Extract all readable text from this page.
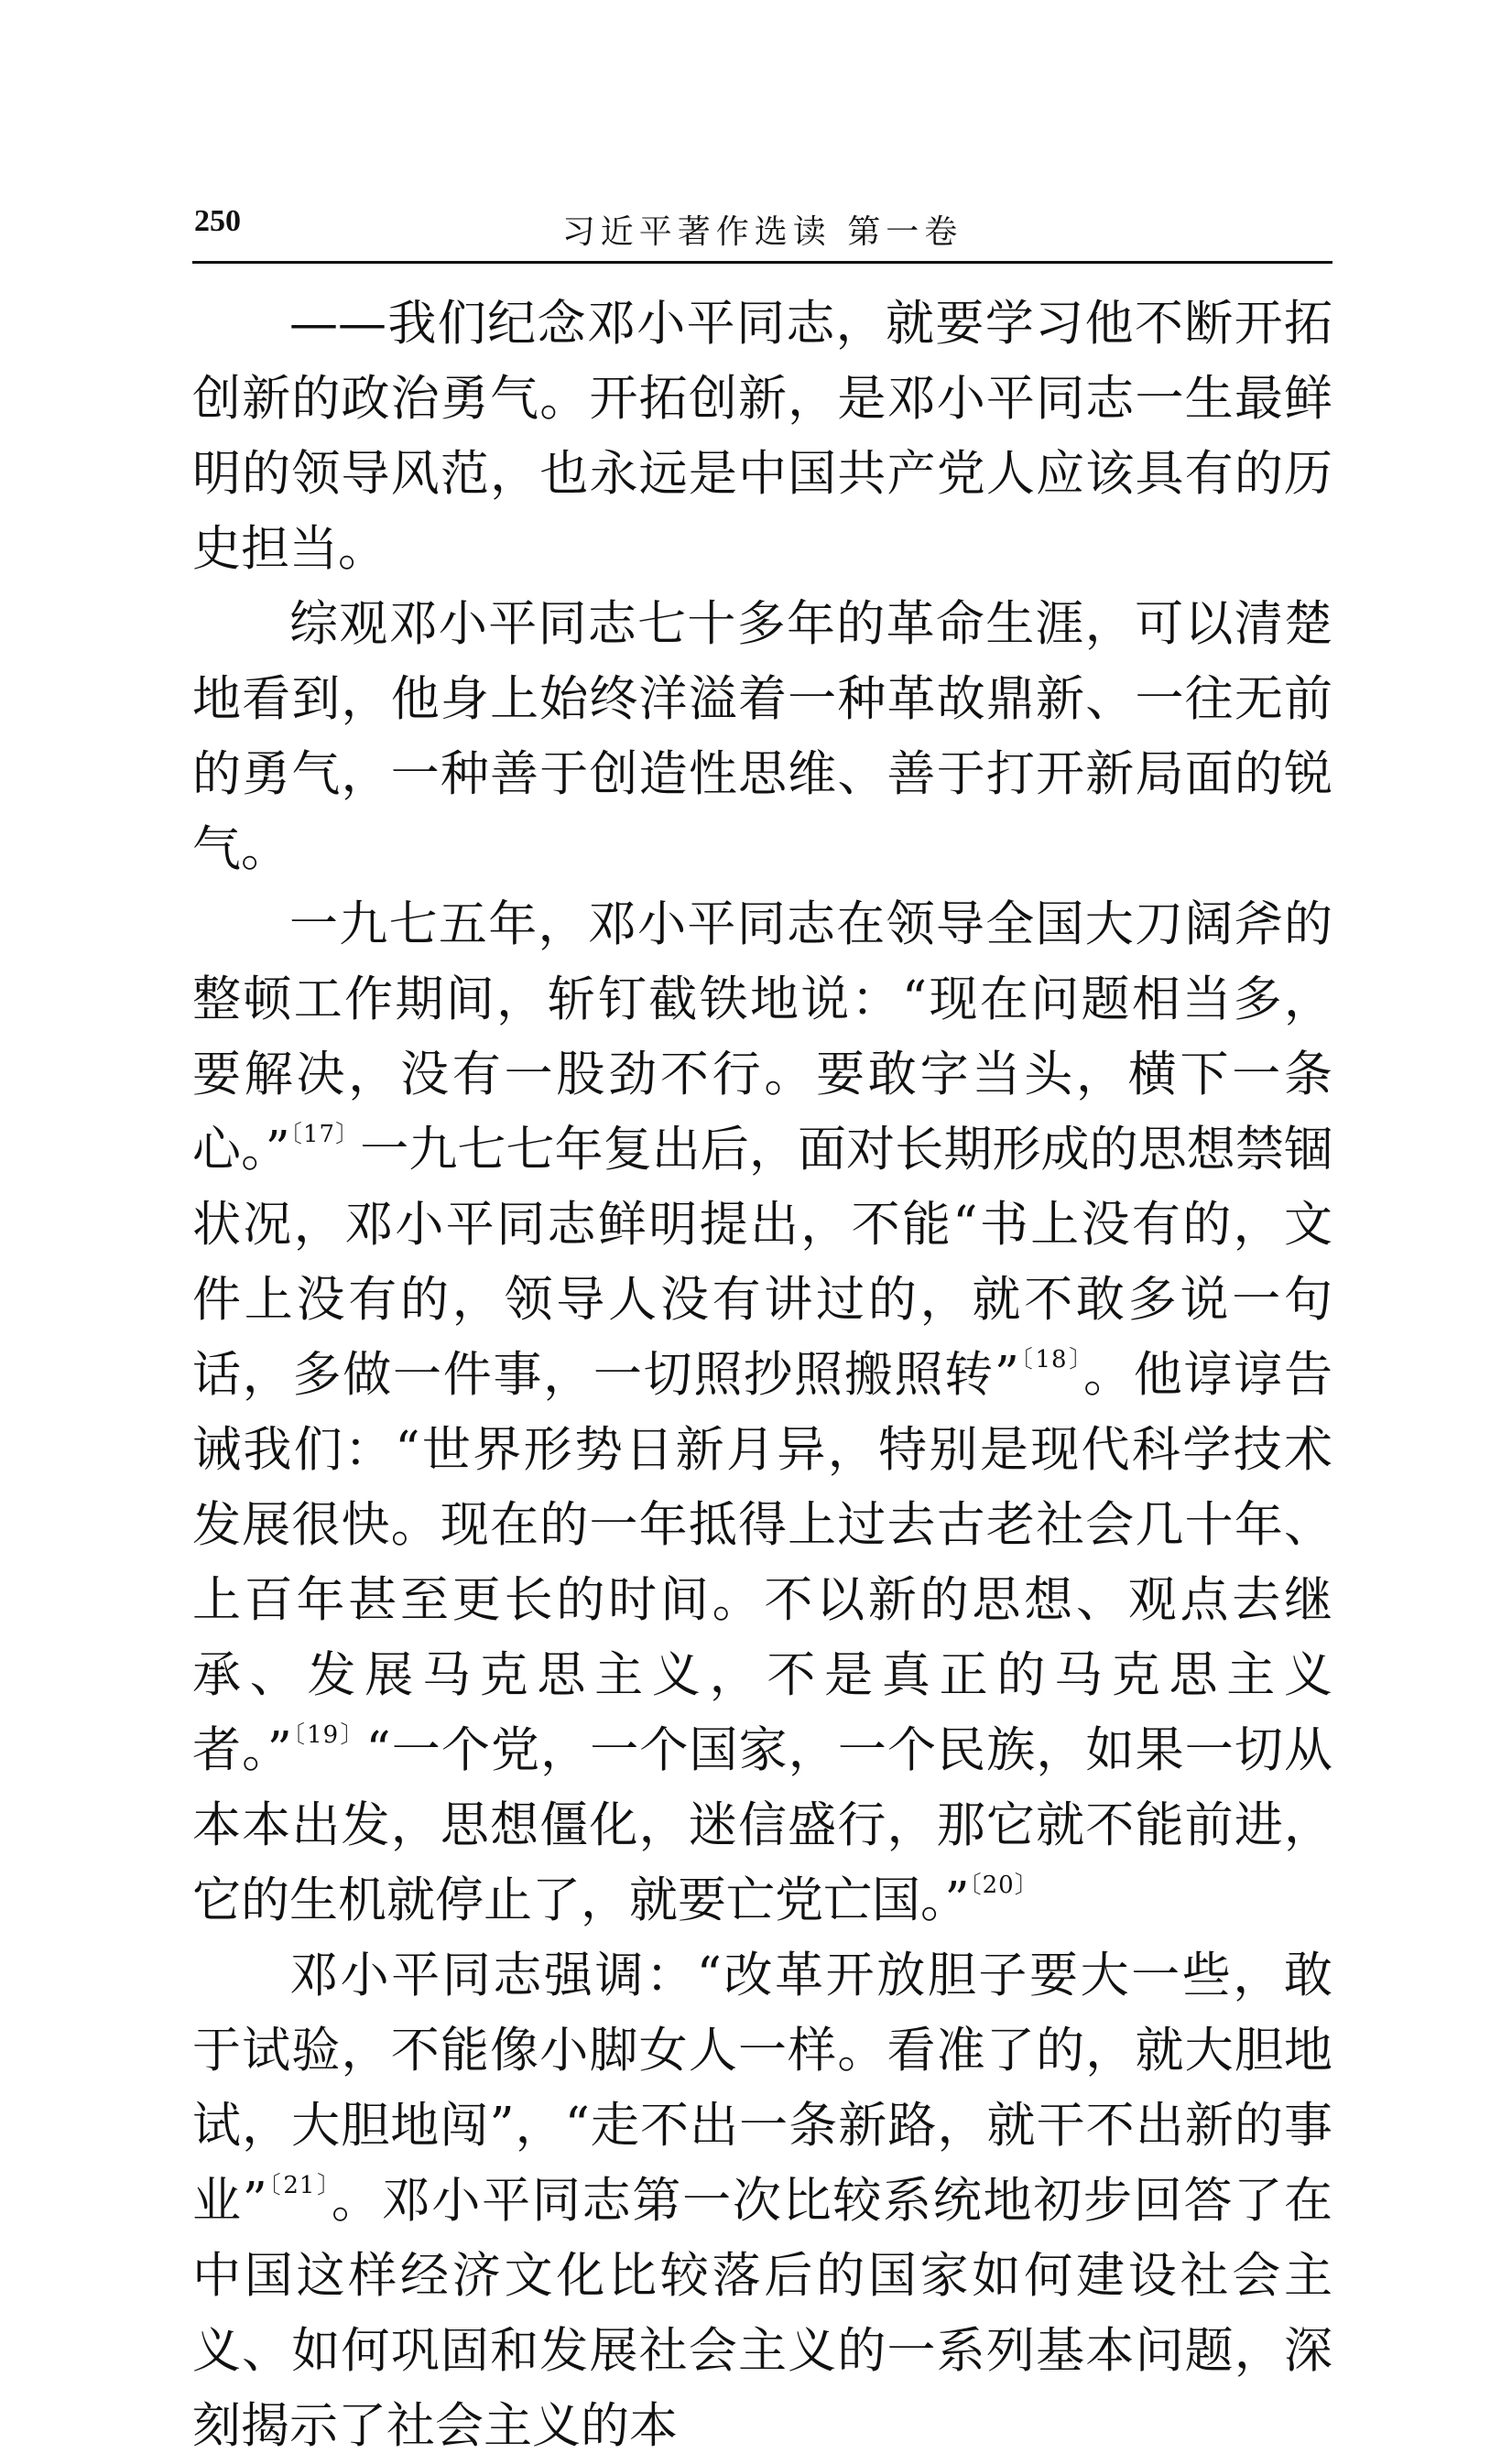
250	习近平著作选读 第一卷

——我们纪念邓小平同志，就要学习他不断开拓创新的政治勇气。开拓创新，是邓小平同志一生最鲜明的领导风范，也永远是中国共产党人应该具有的历史担当。

综观邓小平同志七十多年的革命生涯，可以清楚地看到，他身上始终洋溢着一种革故鼎新、一往无前的勇气，一种善于创造性思维、善于打开新局面的锐气。

一九七五年，邓小平同志在领导全国大刀阔斧的整顿工作期间，斩钉截铁地说：“现在问题相当多，要解决，没有一股劲不行。要敢字当头，横下一条心。”$^{〔17〕}$一九七七年复出后，面对长期形成的思想禁锢状况，邓小平同志鲜明提出，不能“书上没有的，文件上没有的，领导人没有讲过的，就不敢多说一句话，多做一件事，一切照抄照搬照转”$^{〔18〕}$。他谆谆告诫我们：“世界形势日新月异，特别是现代科学技术发展很快。现在的一年抵得上过去古老社会几十年、上百年甚至更长的时间。不以新的思想、观点去继承、发展马克思主义，不是真正的马克思主义者。”$^{〔19〕}$“一个党，一个国家，一个民族，如果一切从本本出发，思想僵化，迷信盛行，那它就不能前进，它的生机就停止了，就要亡党亡国。”$^{〔20〕}$

邓小平同志强调：“改革开放胆子要大一些，敢于试验，不能像小脚女人一样。看准了的，就大胆地试，大胆地闯”，“走不出一条新路，就干不出新的事业”$^{〔21〕}$。邓小平同志第一次比较系统地初步回答了在中国这样经济文化比较落后的国家如何建设社会主义、如何巩固和发展社会主义的一系列基本问题，深刻揭示了社会主义的本
